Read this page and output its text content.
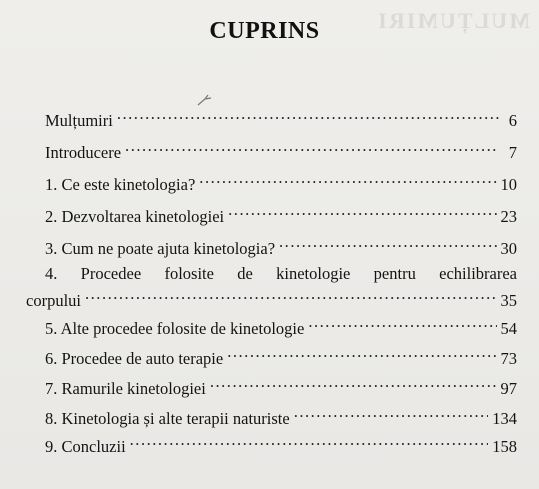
MULȚUMIRI
CUPRINS
Mulțumiri . . .	6
Introducere . . .	7
1. Ce este kinetologia? . . .	10
2. Dezvoltarea kinetologiei . . .	23
3. Cum ne poate ajuta kinetologia? . . .	30
4. Procedee folosite de kinetologie pentru echilibrarea
corpului . . .	35
5. Alte procedee folosite de kinetologie . . .	54
6. Procedee de auto terapie . . .	73
7. Ramurile kinetologiei . . .	97
8. Kinetologia și alte terapii naturiste . . .	134
9. Concluzii . . .	158
